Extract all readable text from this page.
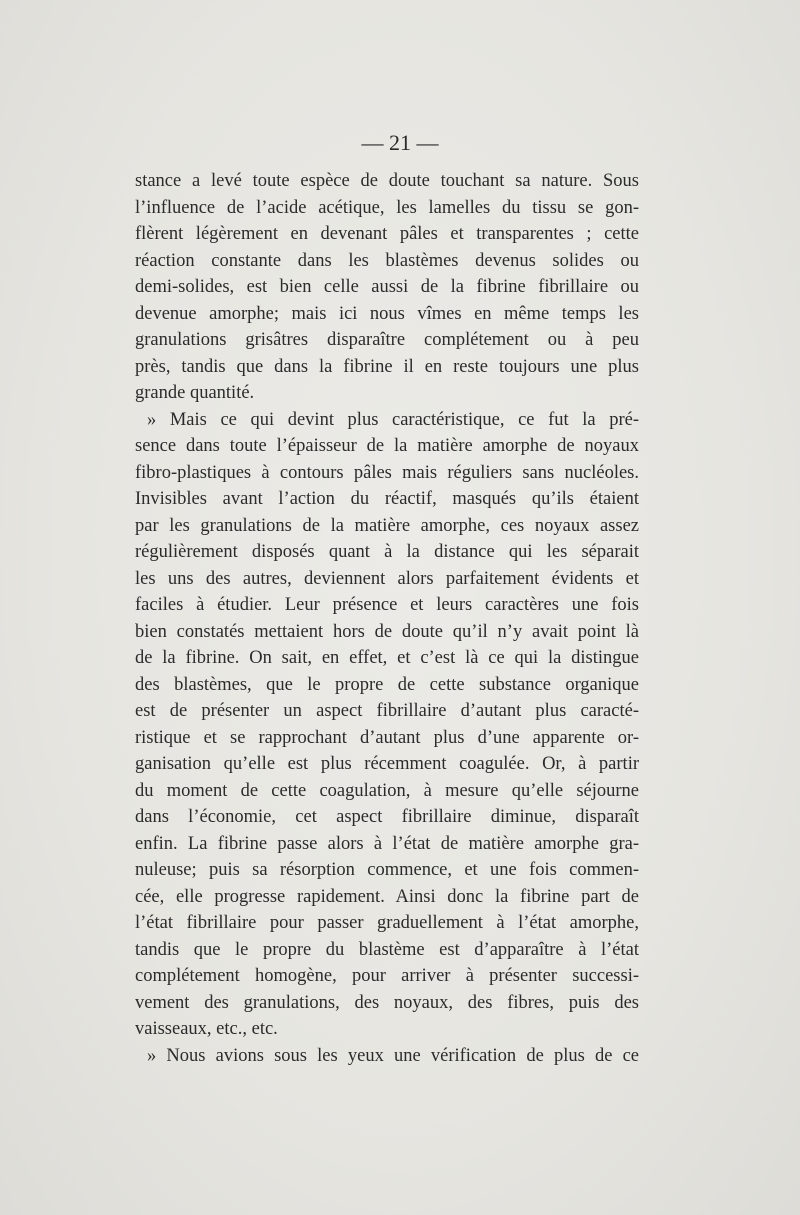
— 21 —
stance a levé toute espèce de doute touchant sa nature. Sous
l’influence de l’acide acétique, les lamelles du tissu se gon-
flèrent légèrement en devenant pâles et transparentes ; cette
réaction constante dans les blastèmes devenus solides ou
demi-solides, est bien celle aussi de la fibrine fibrillaire ou
devenue amorphe; mais ici nous vîmes en même temps les
granulations grisâtres disparaître complétement ou à peu
près, tandis que dans la fibrine il en reste toujours une plus
grande quantité.
» Mais ce qui devint plus caractéristique, ce fut la pré-
sence dans toute l’épaisseur de la matière amorphe de noyaux
fibro-plastiques à contours pâles mais réguliers sans nucléoles.
Invisibles avant l’action du réactif, masqués qu’ils étaient
par les granulations de la matière amorphe, ces noyaux assez
régulièrement disposés quant à la distance qui les séparait
les uns des autres, deviennent alors parfaitement évidents et
faciles à étudier. Leur présence et leurs caractères une fois
bien constatés mettaient hors de doute qu’il n’y avait point là
de la fibrine. On sait, en effet, et c’est là ce qui la distingue
des blastèmes, que le propre de cette substance organique
est de présenter un aspect fibrillaire d’autant plus caracté-
ristique et se rapprochant d’autant plus d’une apparente or-
ganisation qu’elle est plus récemment coagulée. Or, à partir
du moment de cette coagulation, à mesure qu’elle séjourne
dans l’économie, cet aspect fibrillaire diminue, disparaît
enfin. La fibrine passe alors à l’état de matière amorphe gra-
nuleuse; puis sa résorption commence, et une fois commen-
cée, elle progresse rapidement. Ainsi donc la fibrine part de
l’état fibrillaire pour passer graduellement à l’état amorphe,
tandis que le propre du blastème est d’apparaître à l’état
complétement homogène, pour arriver à présenter successi-
vement des granulations, des noyaux, des fibres, puis des
vaisseaux, etc., etc.
» Nous avions sous les yeux une vérification de plus de ce
